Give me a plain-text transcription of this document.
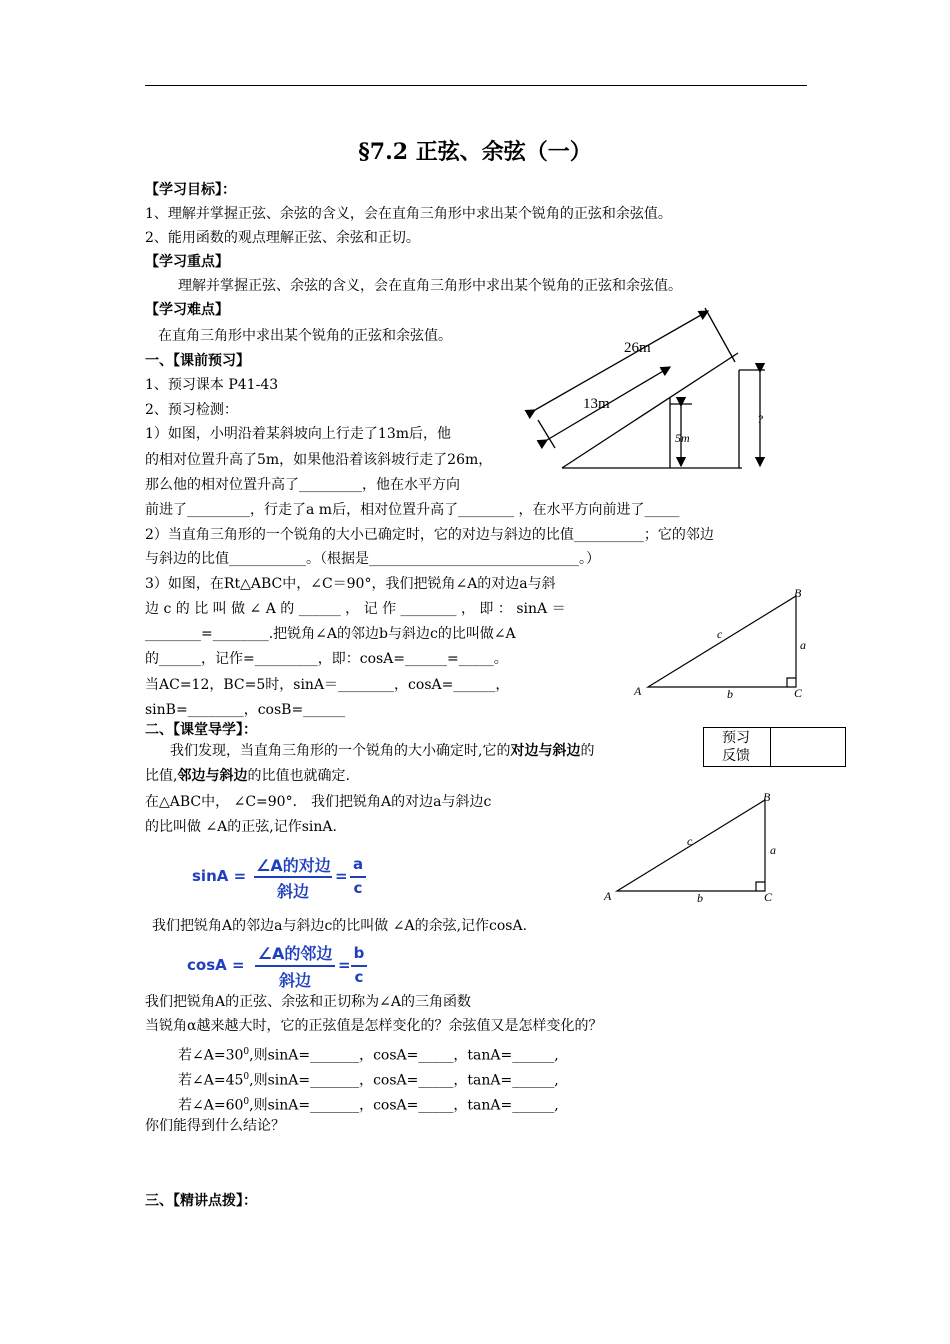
§7.2 正弦、余弦（一）
【学习目标】：
1、理解并掌握正弦、余弦的含义，会在直角三角形中求出某个锐角的正弦和余弦值。
2、能用函数的观点理解正弦、余弦和正切。
【学习重点】
理解并掌握正弦、余弦的含义，会在直角三角形中求出某个锐角的正弦和余弦值。
【学习难点】
在直角三角形中求出某个锐角的正弦和余弦值。
一、【课前预习】
1、预习课本 P41-43
2、预习检测：
1）如图，小明沿着某斜坡向上行走了13m后，他
的相对位置升高了5m，如果他沿着该斜坡行走了26m，
那么他的相对位置升高了_________，他在水平方向
前进了_________，行走了a m后，相对位置升高了________ ，在水平方向前进了_____
2）当直角三角形的一个锐角的大小已确定时，它的对边与斜边的比值__________；它的邻边
与斜边的比值___________。（根据是______________________________。）
3）如图，在Rt△ABC中，∠C＝90°，我们把锐角∠A的对边a与斜
边 c 的 比 叫 做 ∠ A 的 ______ ， 记 作 ________ ， 即 ： sinA ＝
________=________.把锐角∠A的邻边b与斜边c的比叫做∠A
的______，记作=_________，即：cosA=______=_____。
当AC=12，BC=5时，sinA＝________，cosA=______，
sinB=________，cosB=______
26m
13m
5m
?
A
B
C
a
b
c
预习
反馈
二、【课堂导学】：
我们发现，当直角三角形的一个锐角的大小确定时,它的对边与斜边的
比值,邻边与斜边的比值也就确定.
在△ABC中， ∠C=90°． 我们把锐角A的对边a与斜边c
的比叫做 ∠A的正弦,记作sinA.
A
B
C
a
b
c
sinA =
∠A的对边
斜边
=
a
c
我们把锐角A的邻边a与斜边c的比叫做 ∠A的余弦,记作cosA.
cosA =
∠A的邻边
斜边
=
b
c
我们把锐角A的正弦、余弦和正切称为∠A的三角函数
当锐角α越来越大时，它的正弦值是怎样变化的？余弦值又是怎样变化的？
若$\angle A=30^0$,则sinA=_______，cosA=_____，tanA=______,
若$\angle A=45^0$,则sinA=_______，cosA=_____，tanA=______,
若$\angle A=60^0$,则sinA=_______，cosA=_____，tanA=______,
你们能得到什么结论？
三、【精讲点拨】：
